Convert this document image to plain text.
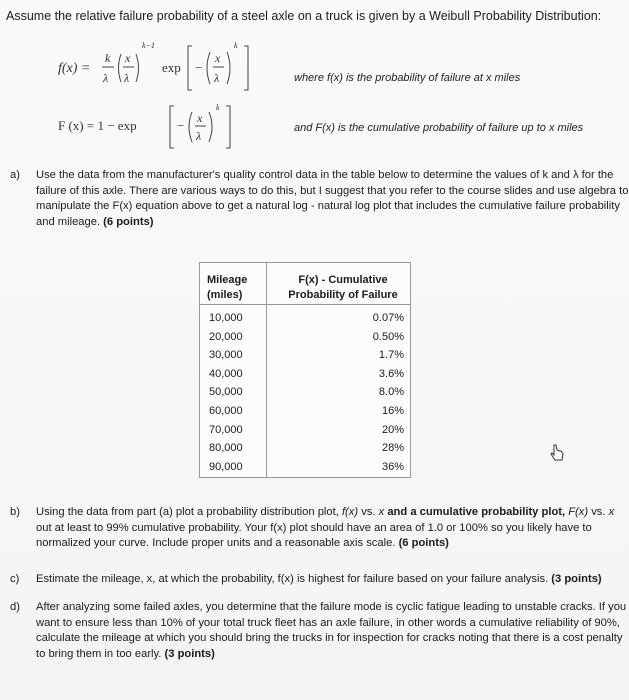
Assume the relative failure probability of a steel axle on a truck is given by a Weibull Probability Distribution:
f(x) =
k
λ
x
λ
k−1
exp −
x
λ
k
F (x) = 1 − exp	− x
λ
k
where f(x) is the probability of failure at x miles
and F(x) is the cumulative probability of failure up to x miles
a) Use the data from the manufacturer's quality control data in the table below to determine the values of k and λ for the failure of this axle. There are various ways to do this, but I suggest that you refer to the course slides and use algebra to manipulate the F(x) equation above to get a natural log - natural log plot that includes the cumulative failure probability and mileage. (6 points)
Mileage (miles)
F(x) - Cumulative Probability of Failure
10,000	0.07%
20,000	0.50%
30,000	1.7%
40,000	3.6%
50,000	8.0%
60,000	16%
70,000	20%
80,000	28%
90,000	36%
b) Using the data from part (a) plot a probability distribution plot, f(x) vs. x and a cumulative probability plot, F(x) vs. x out at least to 99% cumulative probability. Your f(x) plot should have an area of 1.0 or 100% so you likely have to normalized your curve. Include proper units and a reasonable axis scale. (6 points)
c) Estimate the mileage, x, at which the probability, f(x) is highest for failure based on your failure analysis. (3 points)
d) After analyzing some failed axles, you determine that the failure mode is cyclic fatigue leading to unstable cracks. If you want to ensure less than 10% of your total truck fleet has an axle failure, in other words a cumulative reliability of 90%, calculate the mileage at which you should bring the trucks in for inspection for cracks noting that there is a cost penalty to bring them in too early. (3 points)
